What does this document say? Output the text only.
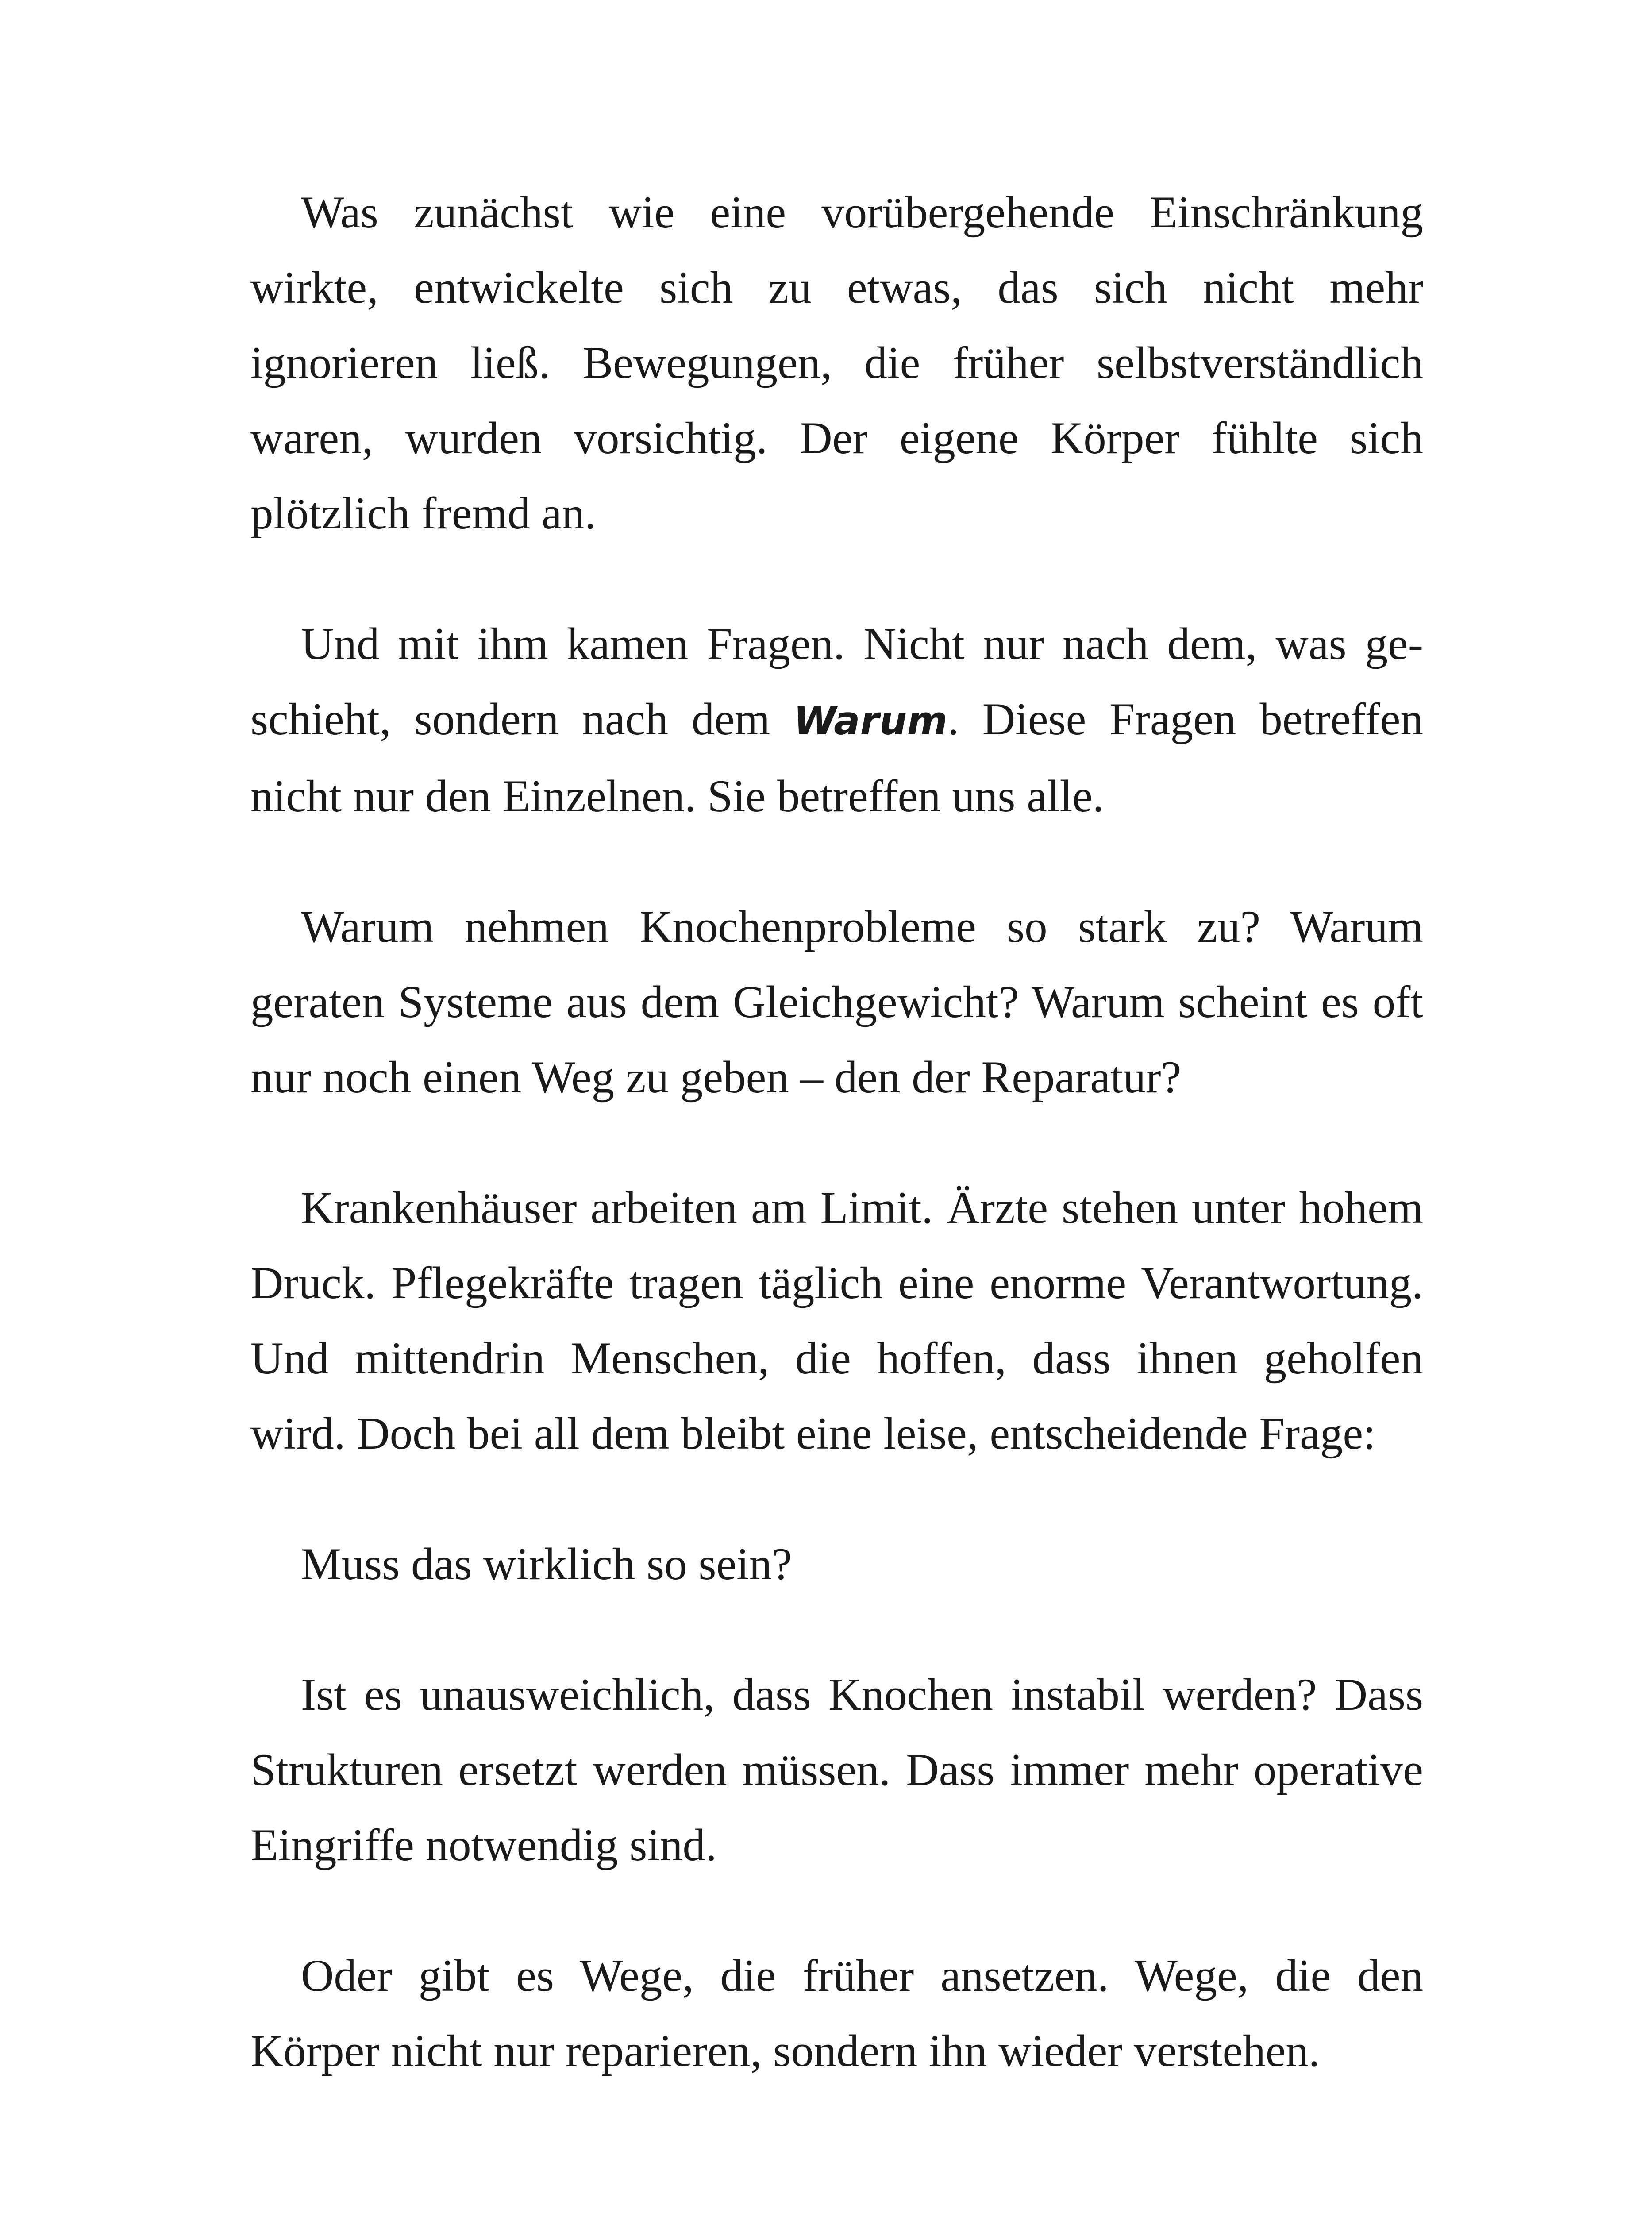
Was zunächst wie eine vorübergehende Einschränkung wirkte, entwickelte sich zu etwas, das sich nicht mehr ignorieren ließ. Bewegungen, die früher selbstverständlich waren, wurden vorsichtig. Der eigene Körper fühlte sich plötzlich fremd an.

Und mit ihm kamen Fragen. Nicht nur nach dem, was geschieht, sondern nach dem Warum. Diese Fragen betreffen nicht nur den Einzelnen. Sie betreffen uns alle.

Warum nehmen Knochenprobleme so stark zu? Warum geraten Systeme aus dem Gleichgewicht? Warum scheint es oft nur noch einen Weg zu geben – den der Reparatur?

Krankenhäuser arbeiten am Limit. Ärzte stehen unter hohem Druck. Pflegekräfte tragen täglich eine enorme Verantwortung. Und mittendrin Menschen, die hoffen, dass ihnen geholfen wird. Doch bei all dem bleibt eine leise, entscheidende Frage:

Muss das wirklich so sein?

Ist es unausweichlich, dass Knochen instabil werden? Dass Strukturen ersetzt werden müssen. Dass immer mehr operative Eingriffe notwendig sind.

Oder gibt es Wege, die früher ansetzen. Wege, die den Körper nicht nur reparieren, sondern ihn wieder verstehen.
